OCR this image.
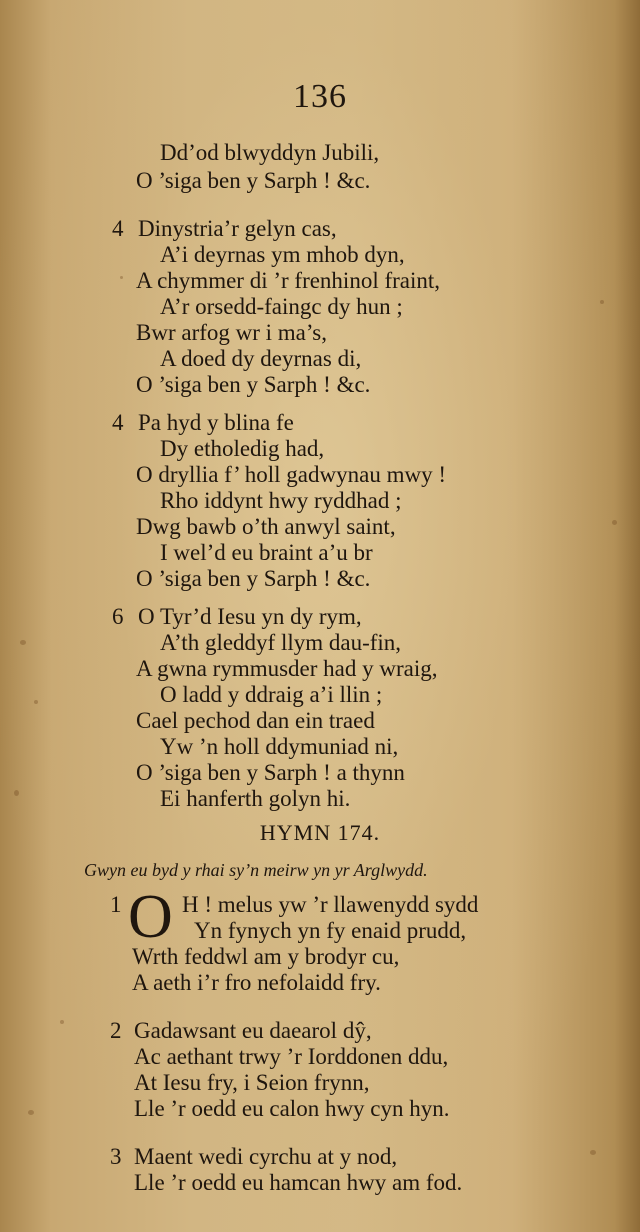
136
Dd’od blwyddyn Jubili,
O ’siga ben y Sarph ! &c.
4 Dinystria’r gelyn cas,
A’i deyrnas ym mhob dyn,
A chymmer di ’r frenhinol fraint,
A’r orsedd-faingc dy hun ;
Bwr arfog wr i ma’s,
A doed dy deyrnas di,
O ’siga ben y Sarph ! &c.
4 Pa hyd y blina fe
Dy etholedig had,
O dryllia f’ holl gadwynau mwy !
Rho iddynt hwy ryddhad ;
Dwg bawb o’th anwyl saint,
I wel’d eu braint a’u br
O ’siga ben y Sarph ! &c.
6 O Tyr’d Iesu yn dy rym,
A’th gleddyf llym dau-fin,
A gwna rymmusder had y wraig,
O ladd y ddraig a’i llin ;
Cael pechod dan ein traed
Yw ’n holl ddymuniad ni,
O ’siga ben y Sarph ! a thynn
Ei hanferth golyn hi.
HYMN 174.
Gwyn eu byd y rhai sy’n meirw yn yr Arglwydd.
1 O H ! melus yw ’r llawenydd sydd
Yn fynych yn fy enaid prudd,
Wrth feddwl am y brodyr cu,
A aeth i’r fro nefolaidd fry.
2 Gadawsant eu daearol dŷ,
Ac aethant trwy ’r Iorddonen ddu,
At Iesu fry, i Seion frynn,
Lle ’r oedd eu calon hwy cyn hyn.
3 Maent wedi cyrchu at y nod,
Lle ’r oedd eu hamcan hwy am fod.
